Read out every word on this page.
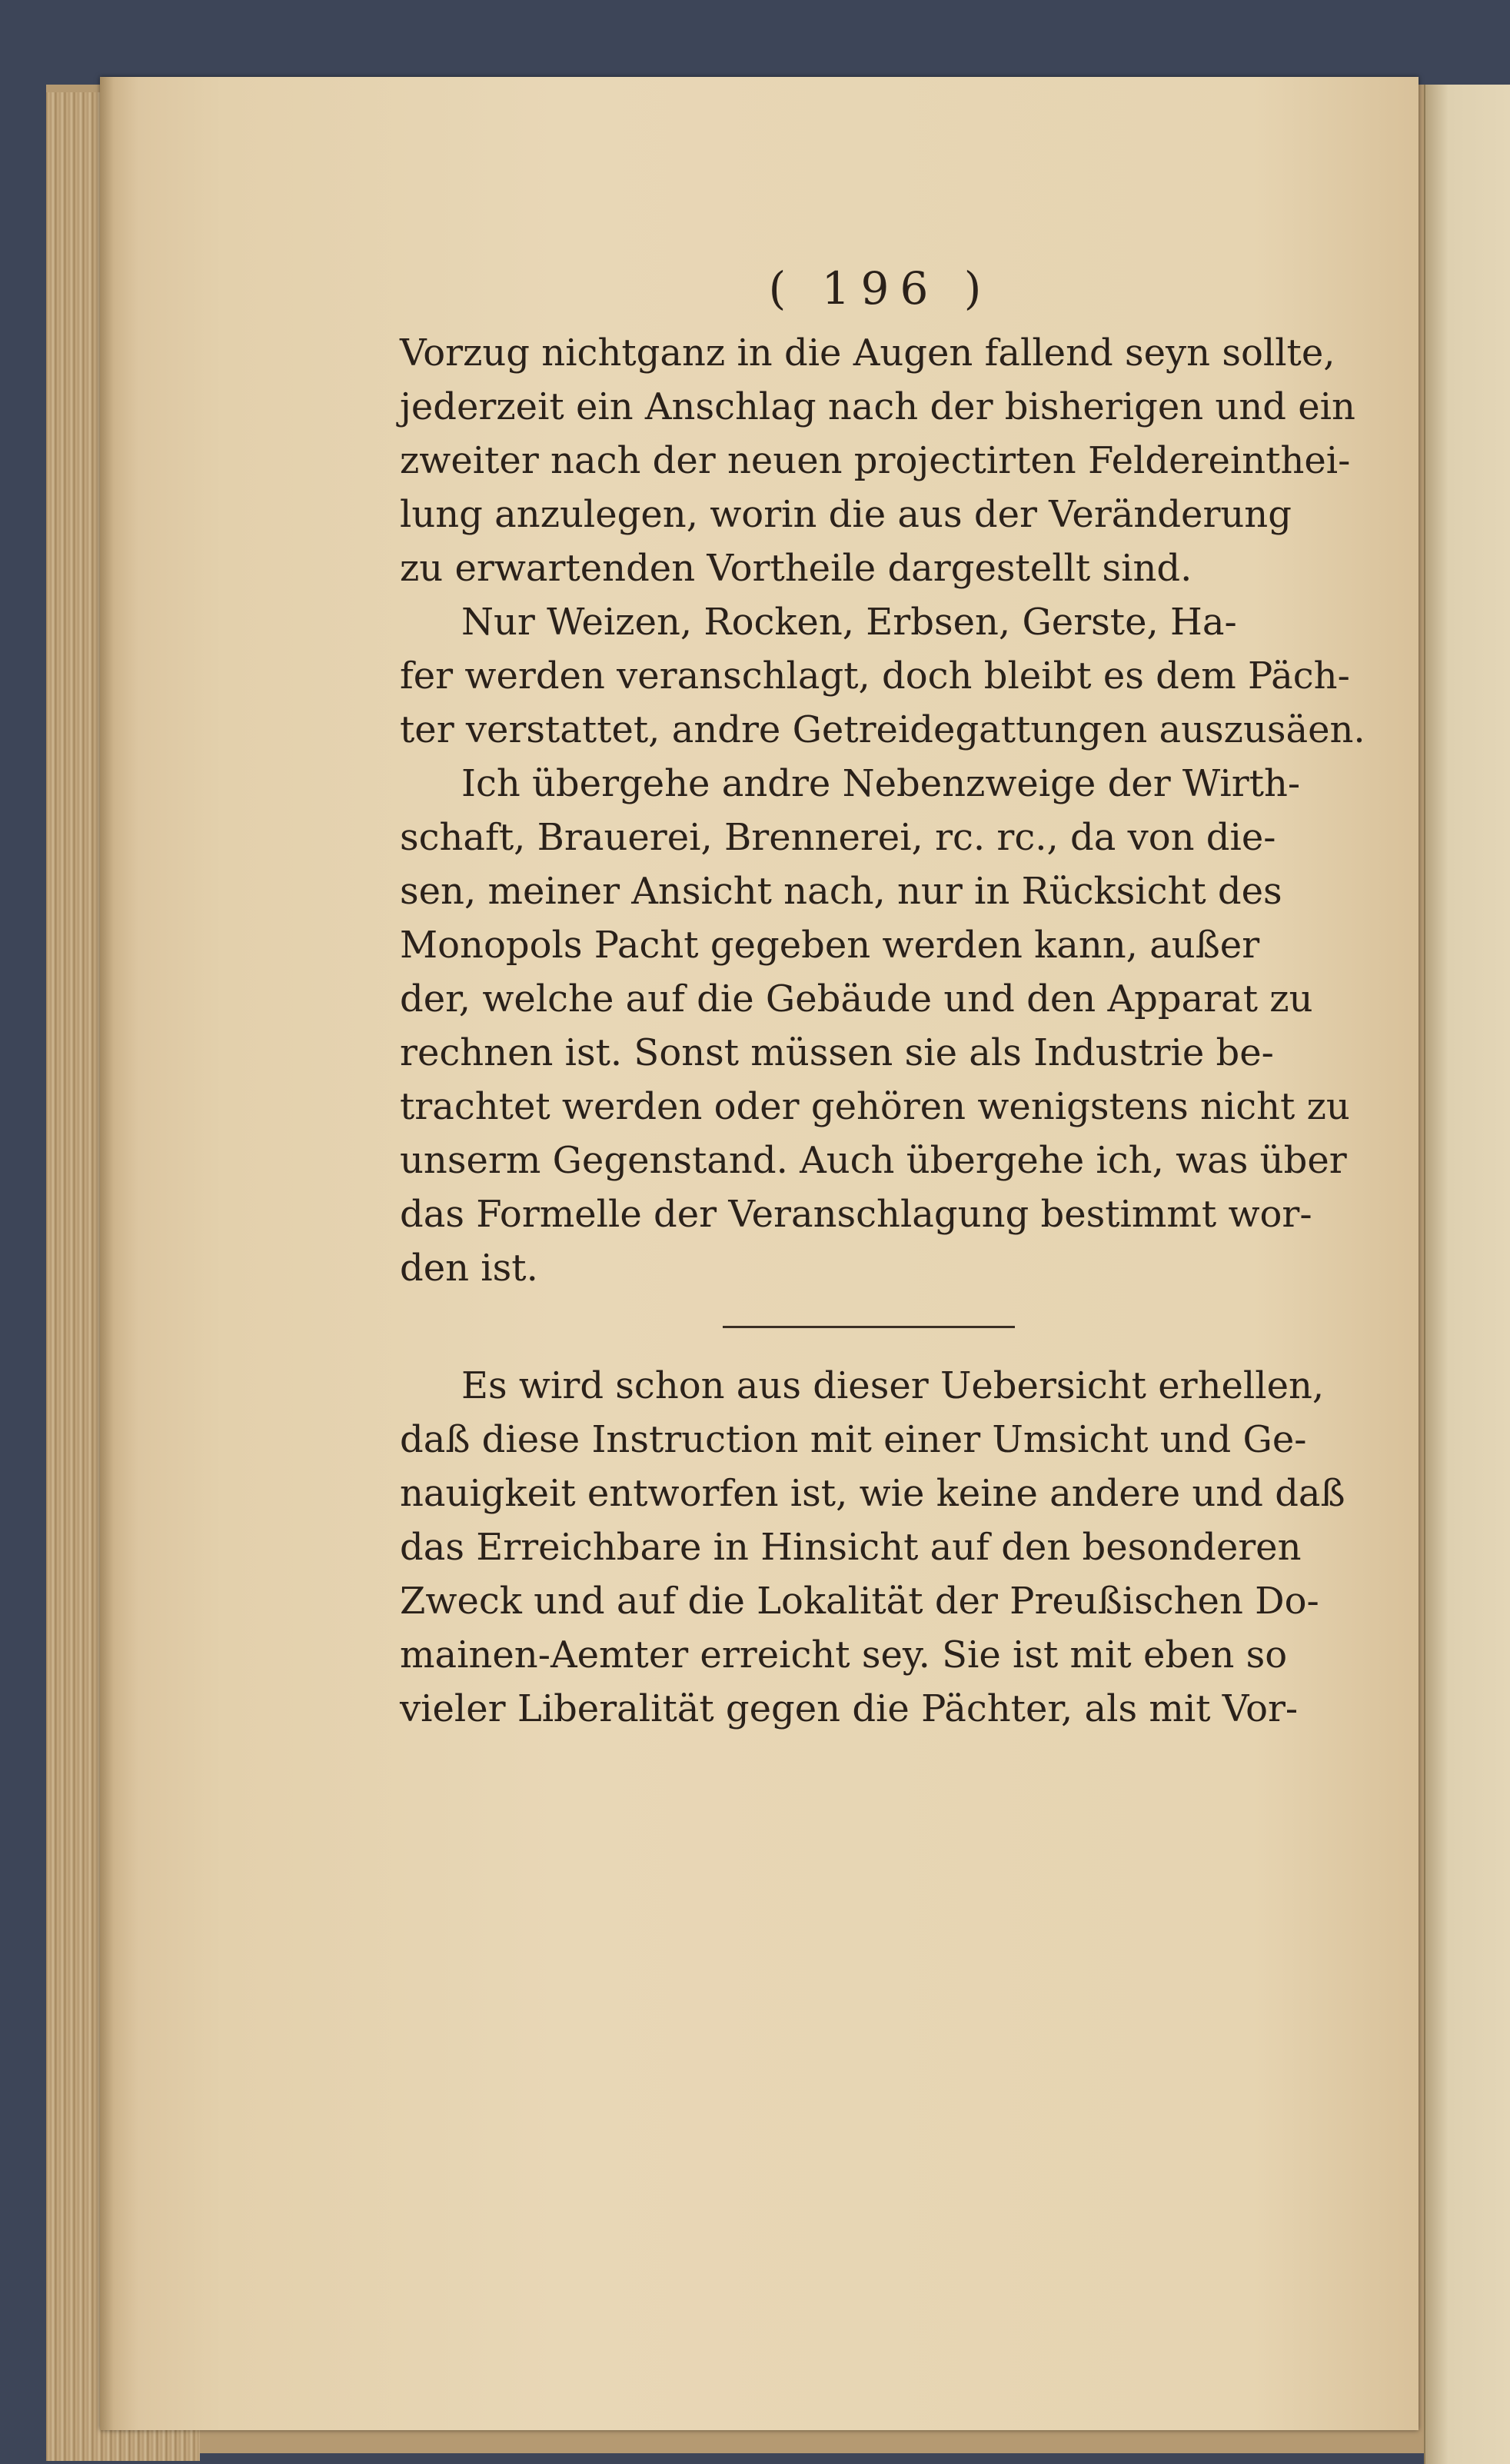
( 196 )

Vorzug nichtganz in die Augen fallend seyn sollte,

jederzeit ein Anschlag nach der bisherigen und ein

zweiter nach der neuen projectirten Feldereinthei-

lung anzulegen, worin die aus der Veränderung

zu erwartenden Vortheile dargestellt sind.

Nur Weizen, Rocken, Erbsen, Gerste, Ha-

fer werden veranschlagt, doch bleibt es dem Päch-

ter verstattet, andre Getreidegattungen auszusäen.

Ich übergehe andre Nebenzweige der Wirth-

schaft, Brauerei, Brennerei, rc. rc., da von die-

sen, meiner Ansicht nach, nur in Rücksicht des

Monopols Pacht gegeben werden kann, außer

der, welche auf die Gebäude und den Apparat zu

rechnen ist. Sonst müssen sie als Industrie be-

trachtet werden oder gehören wenigstens nicht zu

unserm Gegenstand. Auch übergehe ich, was über

das Formelle der Veranschlagung bestimmt wor-

den ist.

Es wird schon aus dieser Uebersicht erhellen,

daß diese Instruction mit einer Umsicht und Ge-

nauigkeit entworfen ist, wie keine andere und daß

das Erreichbare in Hinsicht auf den besonderen

Zweck und auf die Lokalität der Preußischen Do-

mainen-Aemter erreicht sey. Sie ist mit eben so

vieler Liberalität gegen die Pächter, als mit Vor-
